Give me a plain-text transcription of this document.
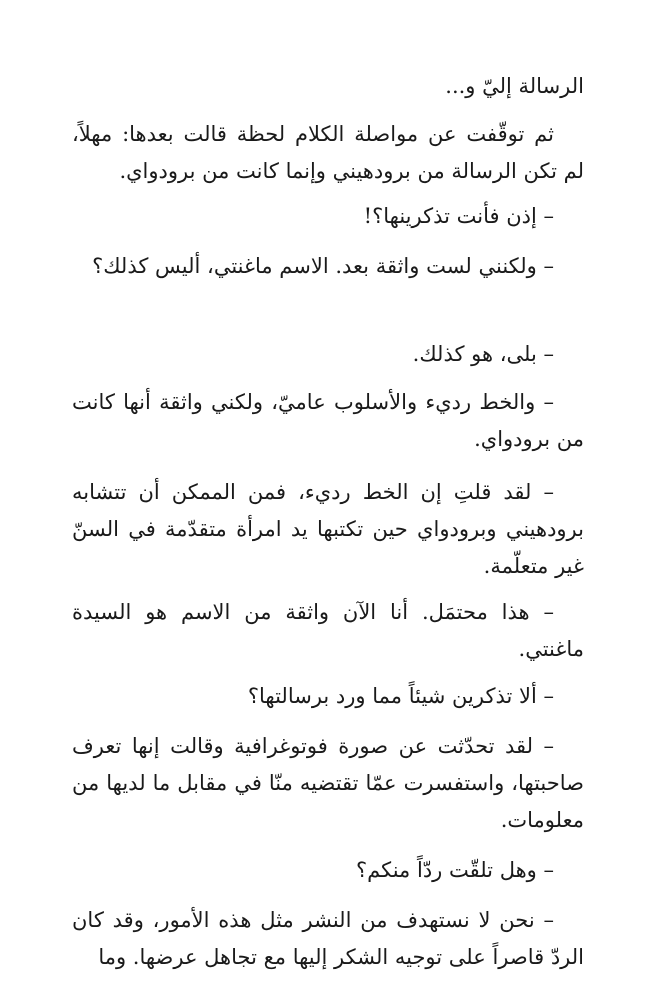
الرسالة إليّ و...
ثم توقّفت عن مواصلة الكلام لحظة قالت بعدها: مهلاً، لم تكن الرسالة من برودهيني وإنما كانت من برودواي.
– إذن فأنت تذكرينها؟!
– ولكنني لست واثقة بعد. الاسم ماغنتي، أليس كذلك؟
– بلى، هو كذلك.
– والخط رديء والأسلوب عاميّ، ولكني واثقة أنها كانت من برودواي.
– لقد قلتِ إن الخط رديء، فمن الممكن أن تتشابه برودهيني وبرودواي حين تكتبها يد امرأة متقدّمة في السنّ غير متعلّمة.
– هذا محتمَل. أنا الآن واثقة من الاسم هو السيدة ماغنتي.
– ألا تذكرين شيئاً مما ورد برسالتها؟
– لقد تحدّثت عن صورة فوتوغرافية وقالت إنها تعرف صاحبتها، واستفسرت عمّا تقتضيه منّا في مقابل ما لديها من معلومات.
– وهل تلقّت ردّاً منكم؟
– نحن لا نستهدف من النشر مثل هذه الأمور، وقد كان الردّ قاصراً على توجيه الشكر إليها مع تجاهل عرضها. وما
